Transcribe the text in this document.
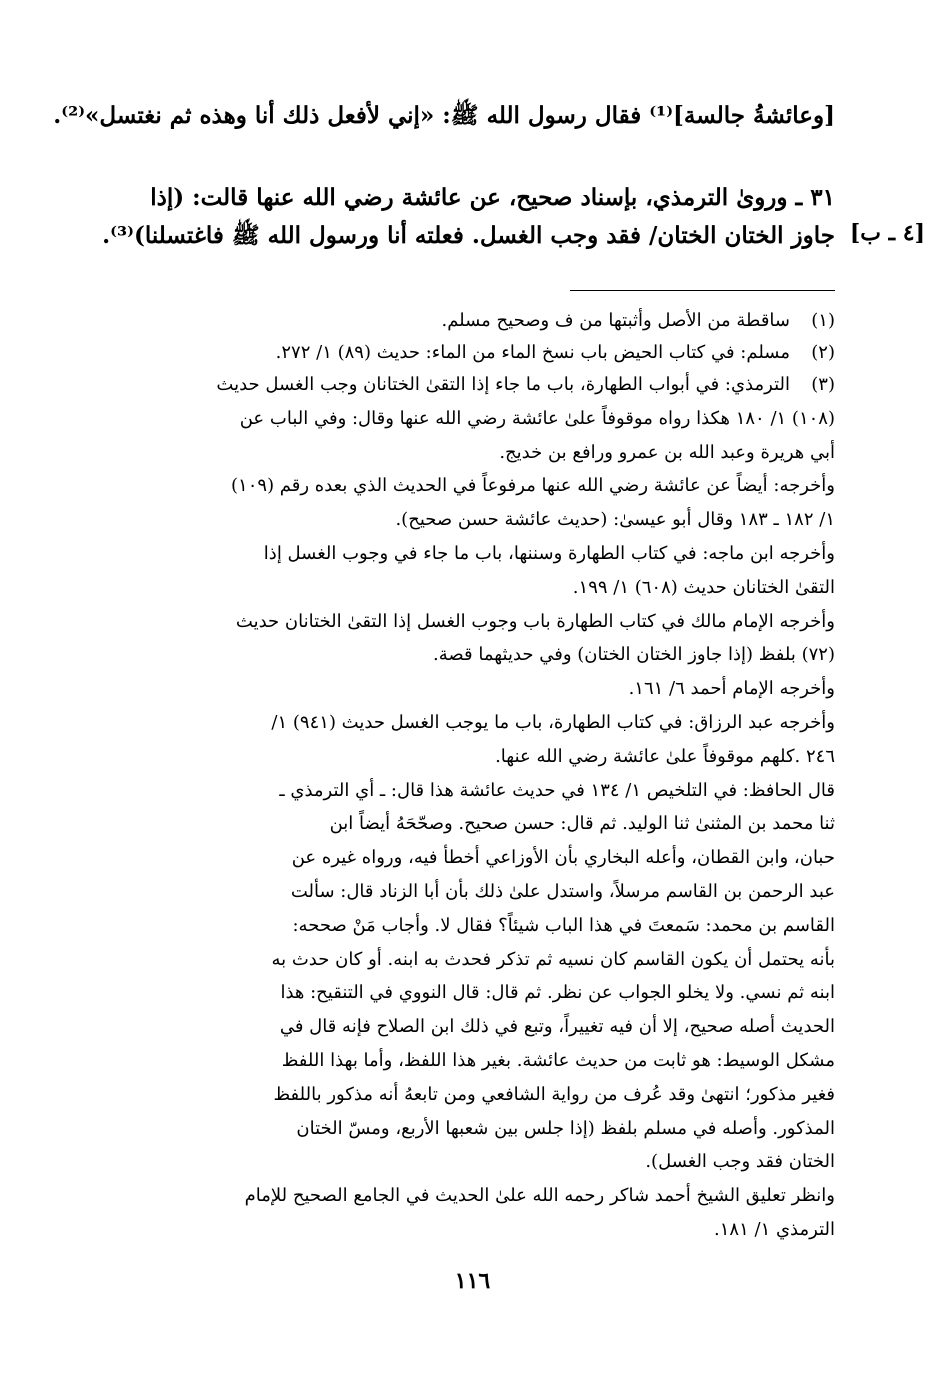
[وعائشةُ جالسة]⁽¹⁾ فقال رسول الله ﷺ: «إني لأفعل ذلك أنا وهذه ثم نغتسل»⁽²⁾.
٣١ ـ وروىٰ الترمذي، بإسناد صحيح، عن عائشة رضي الله عنها قالت: (إذا
جاوز الختان الختان/ فقد وجب الغسل. فعلته أنا ورسول الله ﷺ فاغتسلنا)⁽³⁾. [٤ ـ ب]
(١)
ساقطة من الأصل وأثبتها من ف وصحيح مسلم.
(٢)
مسلم: في كتاب الحيض باب نسخ الماء من الماء: حديث (٨٩) ١/ ٢٧٢.
(٣)
الترمذي: في أبواب الطهارة، باب ما جاء إذا التقىٰ الختانان وجب الغسل حديث
(١٠٨) ١/ ١٨٠ هكذا رواه موقوفاً علىٰ عائشة رضي الله عنها وقال: وفي الباب عن
أبي هريرة وعبد الله بن عمرو ورافع بن خديج.
وأخرجه: أيضاً عن عائشة رضي الله عنها مرفوعاً في الحديث الذي بعده رقم (١٠٩)
١/ ١٨٢ ـ ١٨٣ وقال أبو عيسىٰ: (حديث عائشة حسن صحيح).
وأخرجه ابن ماجه: في كتاب الطهارة وسننها، باب ما جاء في وجوب الغسل إذا
التقىٰ الختانان حديث (٦٠٨) ١/ ١٩٩.
وأخرجه الإمام مالك في كتاب الطهارة باب وجوب الغسل إذا التقىٰ الختانان حديث
(٧٢) بلفظ (إذا جاوز الختان الختان) وفي حديثهما قصة.
وأخرجه الإمام أحمد ٦/ ١٦١.
وأخرجه عبد الرزاق: في كتاب الطهارة، باب ما يوجب الغسل حديث (٩٤١) ١/
٢٤٦ .كلهم موقوفاً علىٰ عائشة رضي الله عنها.
قال الحافظ: في التلخيص ١/ ١٣٤ في حديث عائشة هذا قال: ـ أي الترمذي ـ
ثنا محمد بن المثنىٰ ثنا الوليد. ثم قال: حسن صحيح. وصحّحَهُ أيضاً ابن
حبان، وابن القطان، وأعله البخاري بأن الأوزاعي أخطأ فيه، ورواه غيره عن
عبد الرحمن بن القاسم مرسلاً، واستدل علىٰ ذلك بأن أبا الزناد قال: سألت
القاسم بن محمد: سَمعتَ في هذا الباب شيئاً؟ فقال لا. وأجاب مَنْ صححه:
بأنه يحتمل أن يكون القاسم كان نسيه ثم تذكر فحدث به ابنه. أو كان حدث به
ابنه ثم نسي. ولا يخلو الجواب عن نظر. ثم قال: قال النووي في التنقيح: هذا
الحديث أصله صحيح، إلا أن فيه تغييراً، وتبع في ذلك ابن الصلاح فإنه قال في
مشكل الوسيط: هو ثابت من حديث عائشة. بغير هذا اللفظ، وأما بهذا اللفظ
فغير مذكور؛ انتهىٰ وقد عُرف من رواية الشافعي ومن تابعهُ أنه مذكور باللفظ
المذكور. وأصله في مسلم بلفظ (إذا جلس بين شعبها الأربع، ومسّ الختان
الختان فقد وجب الغسل).
وانظر تعليق الشيخ أحمد شاكر رحمه الله علىٰ الحديث في الجامع الصحيح للإمام
الترمذي ١/ ١٨١.
١١٦
